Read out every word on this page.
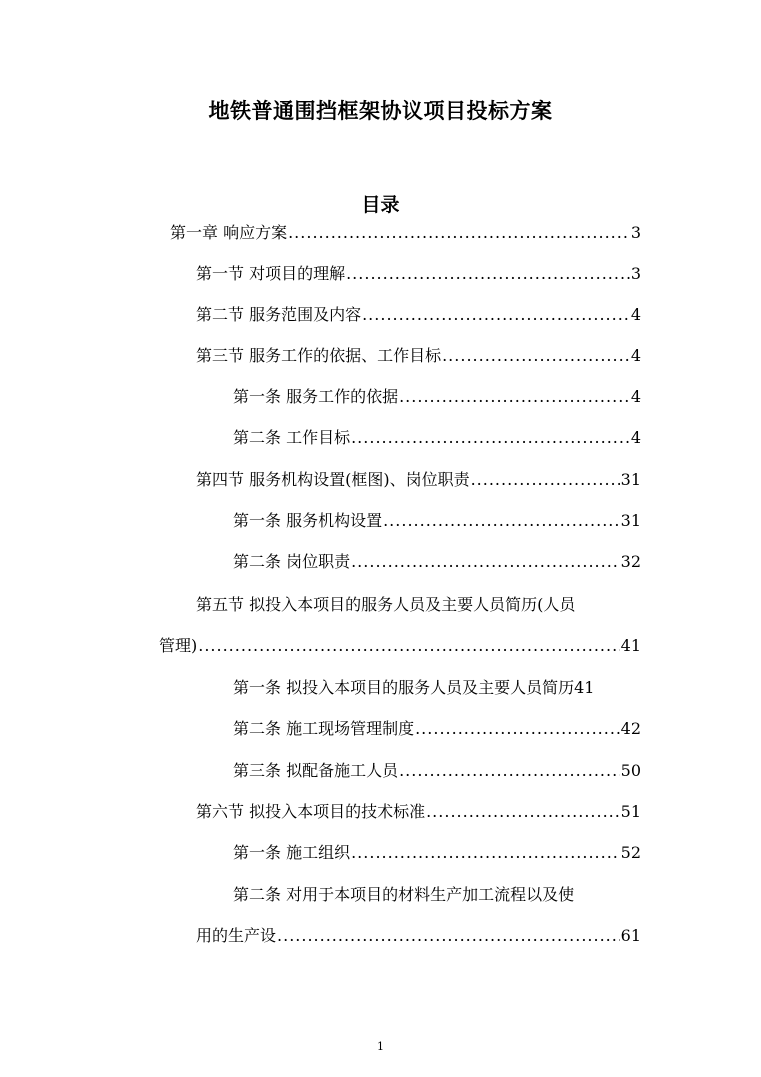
地铁普通围挡框架协议项目投标方案
目录
第一章 响应方案 .....	3
第一节 对项目的理解 .....	3
第二节 服务范围及内容 .....	4
第三节 服务工作的依据、工作目标 .....	4
第一条 服务工作的依据 .....	4
第二条 工作目标 .....	4
第四节 服务机构设置(框图)、岗位职责 .....	31
第一条 服务机构设置 .....	31
第二条 岗位职责 .....	32
第五节 拟投入本项目的服务人员及主要人员简历(人员
管理) .....	41
第一条 拟投入本项目的服务人员及主要人员简历 41
第二条 施工现场管理制度 .....	42
第三条 拟配备施工人员 .....	50
第六节 拟投入本项目的技术标准 .....	51
第一条 施工组织 .....	52
第二条 对用于本项目的材料生产加工流程以及使
用的生产设 .....	61
1
